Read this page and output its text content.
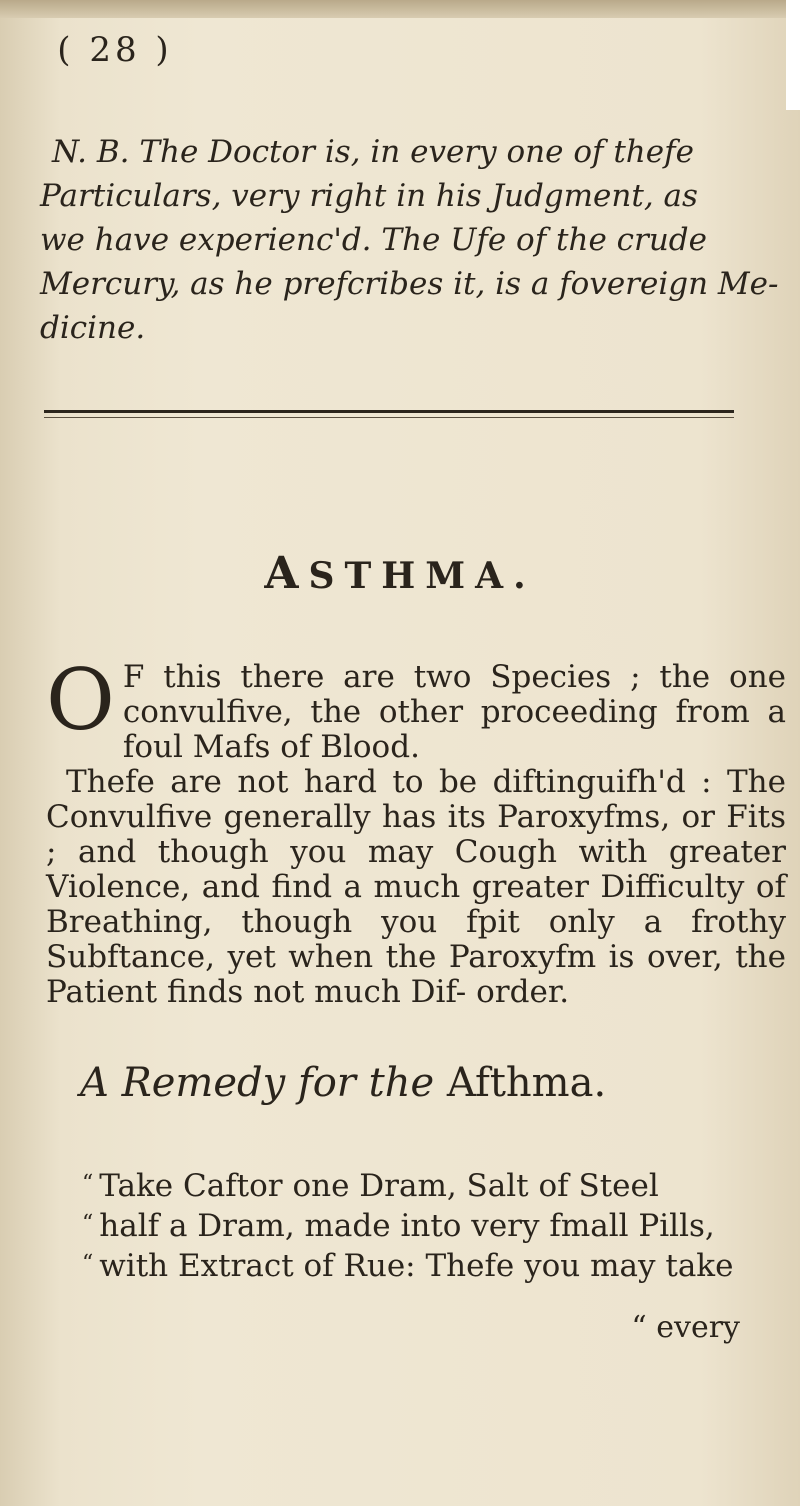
( 28 )

N. B. The Doctor is, in every one of thefe

Particulars, very right in his Judgment, as

we have experienc'd. The Ufe of the crude

Mercury, as he prefcribes it, is a fovereign Me-

dicine.

ASTHMA.

O F this there are two Species ; the one convulfive, the other proceeding from a foul Mafs of Blood.

Thefe are not hard to be diftinguifh'd : The Convulfive generally has its Paroxyfms, or Fits ; and though you may Cough with greater Violence, and find a much greater Difficulty of Breathing, though you fpit only a frothy Subftance, yet when the Paroxyfm is over, the Patient finds not much Dif- order.

A Remedy for the Afthma.

“ Take Caftor one Dram, Salt of Steel

“ half a Dram, made into very fmall Pills,

“ with Extract of Rue: Thefe you may take

“ every
